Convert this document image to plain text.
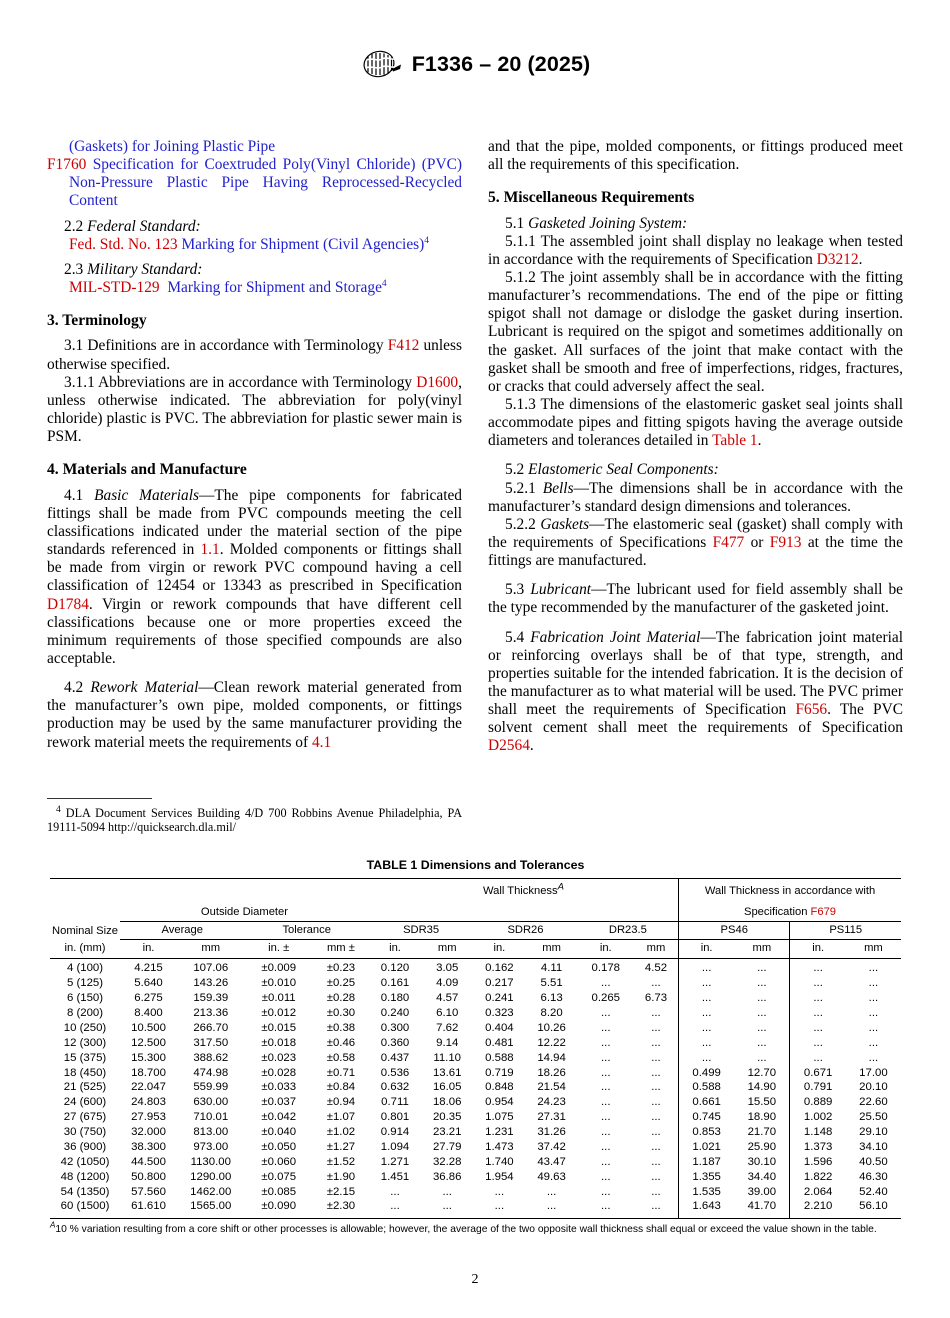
F1336 – 20 (2025)

(Gaskets) for Joining Plastic Pipe

F1760 Specification for Coextruded Poly(Vinyl Chloride) (PVC) Non-Pressure Plastic Pipe Having Reprocessed-Recycled Content

2.2 Federal Standard:

Fed. Std. No. 123 Marking for Shipment (Civil Agencies)$^4$

2.3 Military Standard:

MIL-STD-129 Marking for Shipment and Storage$^4$

3. Terminology

3.1 Definitions are in accordance with Terminology F412 unless otherwise specified.

3.1.1 Abbreviations are in accordance with Terminology D1600, unless otherwise indicated. The abbreviation for poly(vinyl chloride) plastic is PVC. The abbreviation for plastic sewer main is PSM.

4. Materials and Manufacture

4.1 Basic Materials—The pipe components for fabricated fittings shall be made from PVC compounds meeting the cell classifications indicated under the material section of the pipe standards referenced in 1.1. Molded components or fittings shall be made from virgin or rework PVC compound having a cell classification of 12454 or 13343 as prescribed in Specification D1784. Virgin or rework compounds that have different cell classifications because one or more properties exceed the minimum requirements of those specified compounds are also acceptable.

4.2 Rework Material—Clean rework material generated from the manufacturer’s own pipe, molded components, or fittings production may be used by the same manufacturer providing the rework material meets the requirements of 4.1

$^4$ DLA Document Services Building 4/D 700 Robbins Avenue Philadelphia, PA 19111-5094 http://quicksearch.dla.mil/

and that the pipe, molded components, or fittings produced meet all the requirements of this specification.

5. Miscellaneous Requirements

5.1 Gasketed Joining System:

5.1.1 The assembled joint shall display no leakage when tested in accordance with the requirements of Specification D3212.

5.1.2 The joint assembly shall be in accordance with the fitting manufacturer’s recommendations. The end of the pipe or fitting spigot shall not damage or dislodge the gasket during insertion. Lubricant is required on the spigot and sometimes additionally on the gasket. All surfaces of the joint that make contact with the gasket shall be smooth and free of imperfections, ridges, fractures, or cracks that could adversely affect the seal.

5.1.3 The dimensions of the elastomeric gasket seal joints shall accommodate pipes and fitting spigots having the average outside diameters and tolerances detailed in Table 1.

5.2 Elastomeric Seal Components:

5.2.1 Bells—The dimensions shall be in accordance with the manufacturer’s standard design dimensions and tolerances.

5.2.2 Gaskets—The elastomeric seal (gasket) shall comply with the requirements of Specifications F477 or F913 at the time the fittings are manufactured.

5.3 Lubricant—The lubricant used for field assembly shall be the type recommended by the manufacturer of the gasketed joint.

5.4 Fabrication Joint Material—The fabrication joint material or reinforcing overlays shall be of that type, strength, and properties suitable for the intended fabrication. It is the decision of the manufacturer as to what material will be used. The PVC primer shall meet the requirements of Specification F656. The PVC solvent cement shall meet the requirements of Specification D2564.

TABLE 1 Dimensions and Tolerances
Nominal Size					Wall Thickness$^A$						Wall Thickness in accordance with			

	Outside Diameter										Specification F679			
	Average		Tolerance		SDR35		SDR26		DR23.5		PS46		PS115	
in. (mm)	in.	mm	in. ±	mm ±	in.	mm	in.	mm	in.	mm	in.	mm	in.	mm

4 (100)	4.215	107.06	±0.009	±0.23	0.120	3.05	0.162	4.11	0.178	4.52	...	...	...	...
5 (125)	5.640	143.26	±0.010	±0.25	0.161	4.09	0.217	5.51	...	...	...	...	...	...
6 (150)	6.275	159.39	±0.011	±0.28	0.180	4.57	0.241	6.13	0.265	6.73	...	...	...	...
8 (200)	8.400	213.36	±0.012	±0.30	0.240	6.10	0.323	8.20	...	...	...	...	...	...
10 (250)	10.500	266.70	±0.015	±0.38	0.300	7.62	0.404	10.26	...	...	...	...	...	...
12 (300)	12.500	317.50	±0.018	±0.46	0.360	9.14	0.481	12.22	...	...	...	...	...	...
15 (375)	15.300	388.62	±0.023	±0.58	0.437	11.10	0.588	14.94	...	...	...	...	...	...
18 (450)	18.700	474.98	±0.028	±0.71	0.536	13.61	0.719	18.26	...	...	0.499	12.70	0.671	17.00
21 (525)	22.047	559.99	±0.033	±0.84	0.632	16.05	0.848	21.54	...	...	0.588	14.90	0.791	20.10
24 (600)	24.803	630.00	±0.037	±0.94	0.711	18.06	0.954	24.23	...	...	0.661	15.50	0.889	22.60
27 (675)	27.953	710.01	±0.042	±1.07	0.801	20.35	1.075	27.31	...	...	0.745	18.90	1.002	25.50
30 (750)	32.000	813.00	±0.040	±1.02	0.914	23.21	1.231	31.26	...	...	0.853	21.70	1.148	29.10
36 (900)	38.300	973.00	±0.050	±1.27	1.094	27.79	1.473	37.42	...	...	1.021	25.90	1.373	34.10
42 (1050)	44.500	1130.00	±0.060	±1.52	1.271	32.28	1.740	43.47	...	...	1.187	30.10	1.596	40.50
48 (1200)	50.800	1290.00	±0.075	±1.90	1.451	36.86	1.954	49.63	...	...	1.355	34.40	1.822	46.30
54 (1350)	57.560	1462.00	±0.085	±2.15	...	...	...	...	...	...	1.535	39.00	2.064	52.40
60 (1500)	61.610	1565.00	±0.090	±2.30	...	...	...	...	...	...	1.643	41.70	2.210	56.10

$^A$10 % variation resulting from a core shift or other processes is allowable; however, the average of the two opposite wall thickness shall equal or exceed the value shown in the table.
2
